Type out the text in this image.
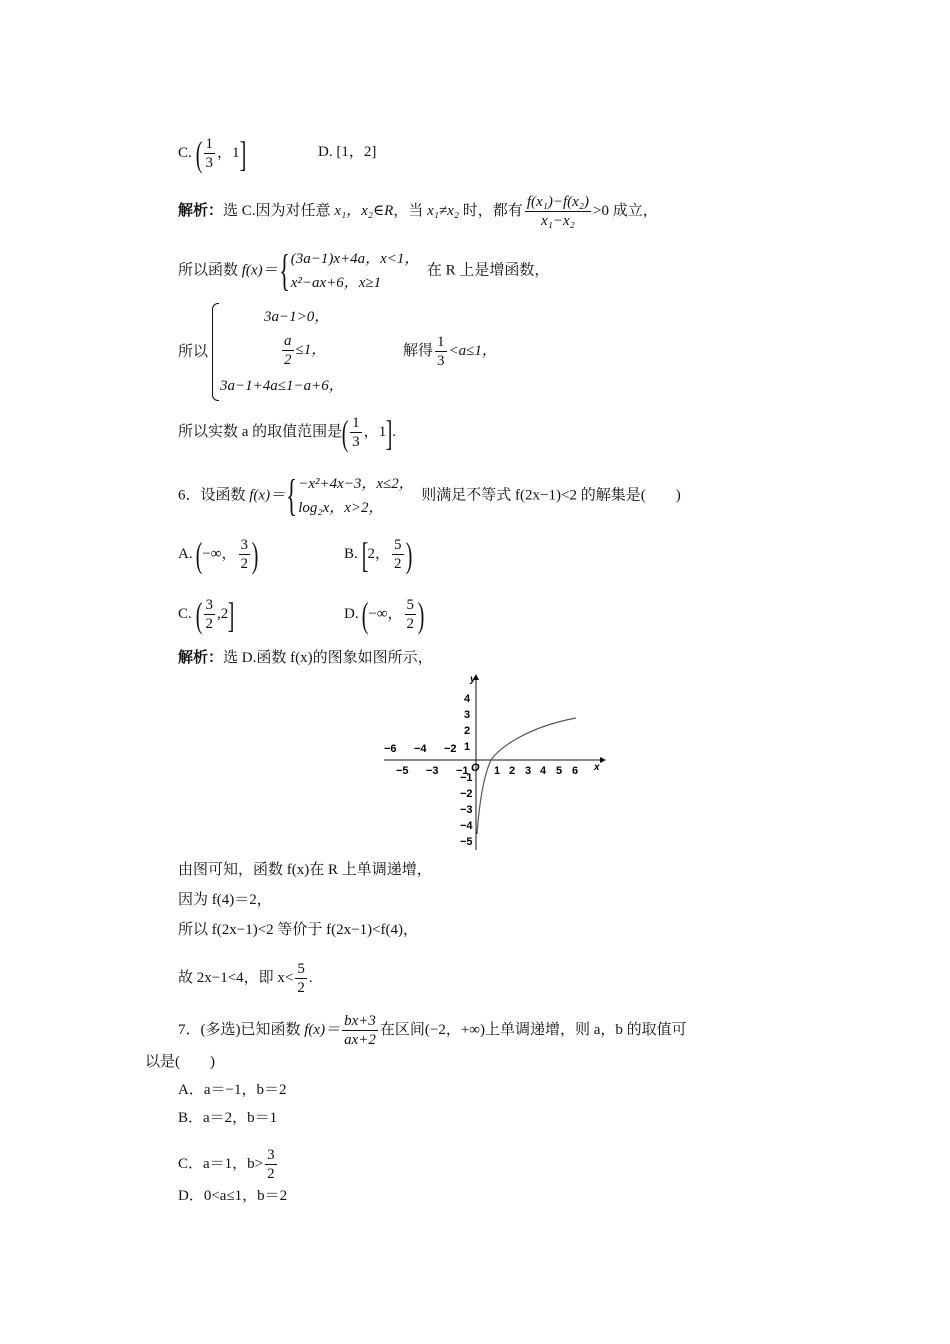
C. ( $\frac{1}{3}$ ，1]	D. [1，2]
解析：选 C.因为对任意 x₁，x₂∈R，当 x₁≠x₂ 时，都有 $\frac{\text{f(x₁)−f(x₂)}}{\text{x₁−x₂}} >0$ 成立，
所以函数 f(x)＝{ (3a−1)x+4a，x<1，
x²−ax+6，x≥1
在 R 上是增函数，
所以
3a−1>0，
$\frac{a}{2} \le 1$，
3a−1+4a≤1−a+6，
解得 $\frac{1}{3} <a\le 1$，
所以实数 a 的取值范围是( $\frac{1}{3}$ ，1].
6．设函数 f(x)＝{ −x²+4x−3，x≤2，
log₂x，x>2，
则满足不等式 f(2x−1)<2 的解集是(　　)
A. (−∞， $\frac{3}{2}$ )	B. [2， $\frac{5}{2}$ )
C. ( $\frac{3}{2} ,2$]	D. (−∞， $\frac{5}{2}$ )
解析：选 D.函数 f(x)的图象如图所示，
x
y
O 1 2 3 4 5 6
−5 −3 −1
−6 −4 −2
4
3
2
1
−1
−2
−3
−4
−5
由图可知，函数 f(x)在 R 上单调递增，
因为 f(4)＝2，
所以 f(2x−1)<2 等价于 f(2x−1)<f(4)，
故 2x−1<4，即 $x< \frac{5}{2}$ .
7．(多选)已知函数 $f(x)= \frac{bx+3}{ax+2}$ 在区间(−2，+∞)上单调递增，则 a，b 的取值可
以是(　　)
A．a＝−1，b＝2
B．a＝2，b＝1
C．a＝1，$b> \frac{3}{2}$
D．0<a≤1，b＝2
